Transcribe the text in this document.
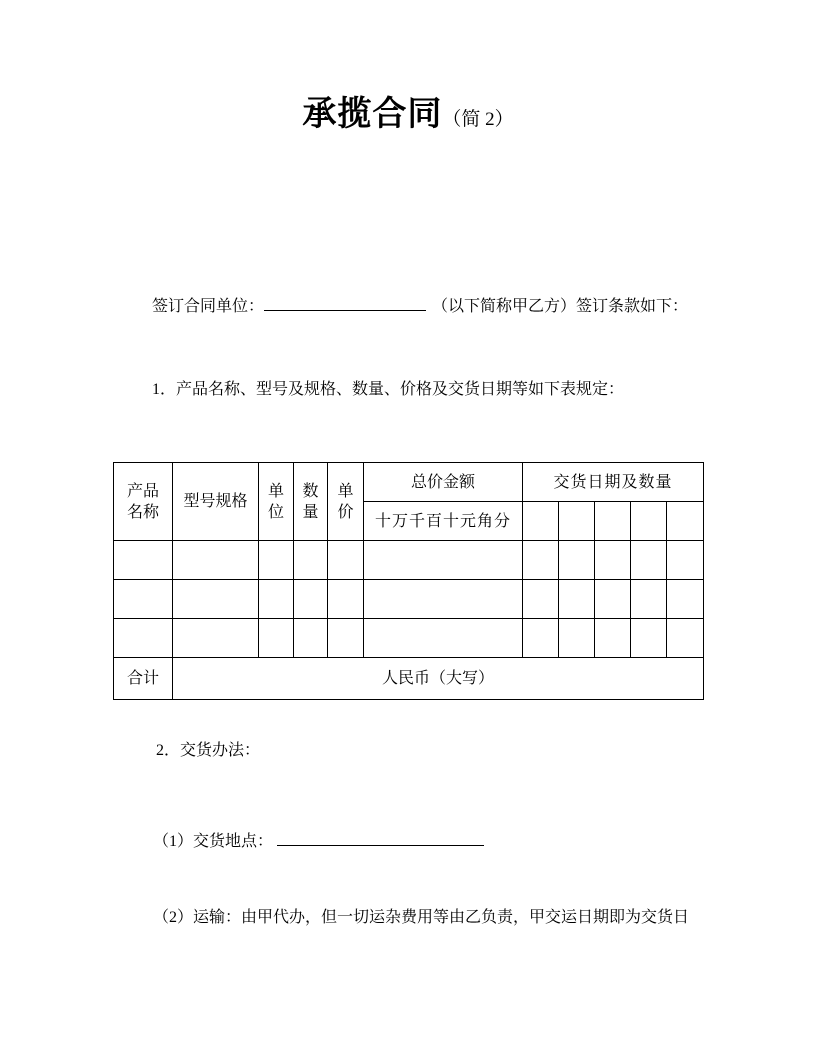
承揽合同（简 2）
签订合同单位：	（以下简称甲乙方）签订条款如下：
1．产品名称、型号及规格、数量、价格及交货日期等如下表规定：
产品名称	型号规格	单位	数量	单价	总价金额	交货日期及数量				
					十万千百十元角分					

合计	人民币（大写）									
2．交货办法：
（1）交货地点：
（2）运输：由甲代办，但一切运杂费用等由乙负责，甲交运日期即为交货日
